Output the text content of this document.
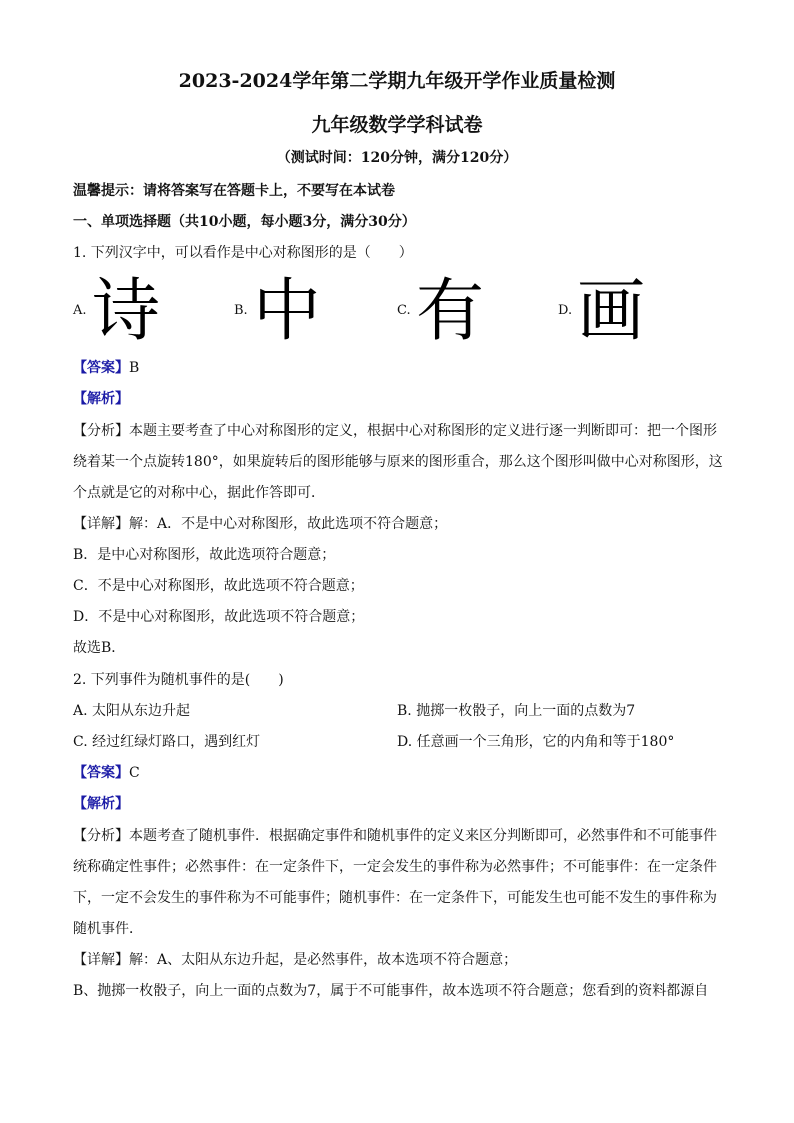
2023-2024学年第二学期九年级开学作业质量检测
九年级数学学科试卷
（测试时间：120分钟，满分120分）
温馨提示：请将答案写在答题卡上，不要写在本试卷
一、单项选择题（共10小题，每小题3分，满分30分）
1. 下列汉字中，可以看作是中心对称图形的是（　　）
A. 诗	B. 中	C. 有	D. 画
【答案】B
【解析】
【分析】本题主要考查了中心对称图形的定义，根据中心对称图形的定义进行逐一判断即可：把一个图形
绕着某一个点旋转180°，如果旋转后的图形能够与原来的图形重合，那么这个图形叫做中心对称图形，这
个点就是它的对称中心，据此作答即可．
【详解】解：A．不是中心对称图形，故此选项不符合题意；
B．是中心对称图形，故此选项符合题意；
C．不是中心对称图形，故此选项不符合题意；
D．不是中心对称图形，故此选项不符合题意；
故选B．
2. 下列事件为随机事件的是(　　)
A. 太阳从东边升起	B. 抛掷一枚骰子，向上一面的点数为7
C. 经过红绿灯路口，遇到红灯	D. 任意画一个三角形，它的内角和等于180°
【答案】C
【解析】
【分析】本题考查了随机事件．根据确定事件和随机事件的定义来区分判断即可，必然事件和不可能事件
统称确定性事件；必然事件：在一定条件下，一定会发生的事件称为必然事件；不可能事件：在一定条件
下，一定不会发生的事件称为不可能事件；随机事件：在一定条件下，可能发生也可能不发生的事件称为
随机事件．
【详解】解：A、太阳从东边升起，是必然事件，故本选项不符合题意；
B、抛掷一枚骰子，向上一面的点数为7，属于不可能事件，故本选项不符合题意；您看到的资料都源自
